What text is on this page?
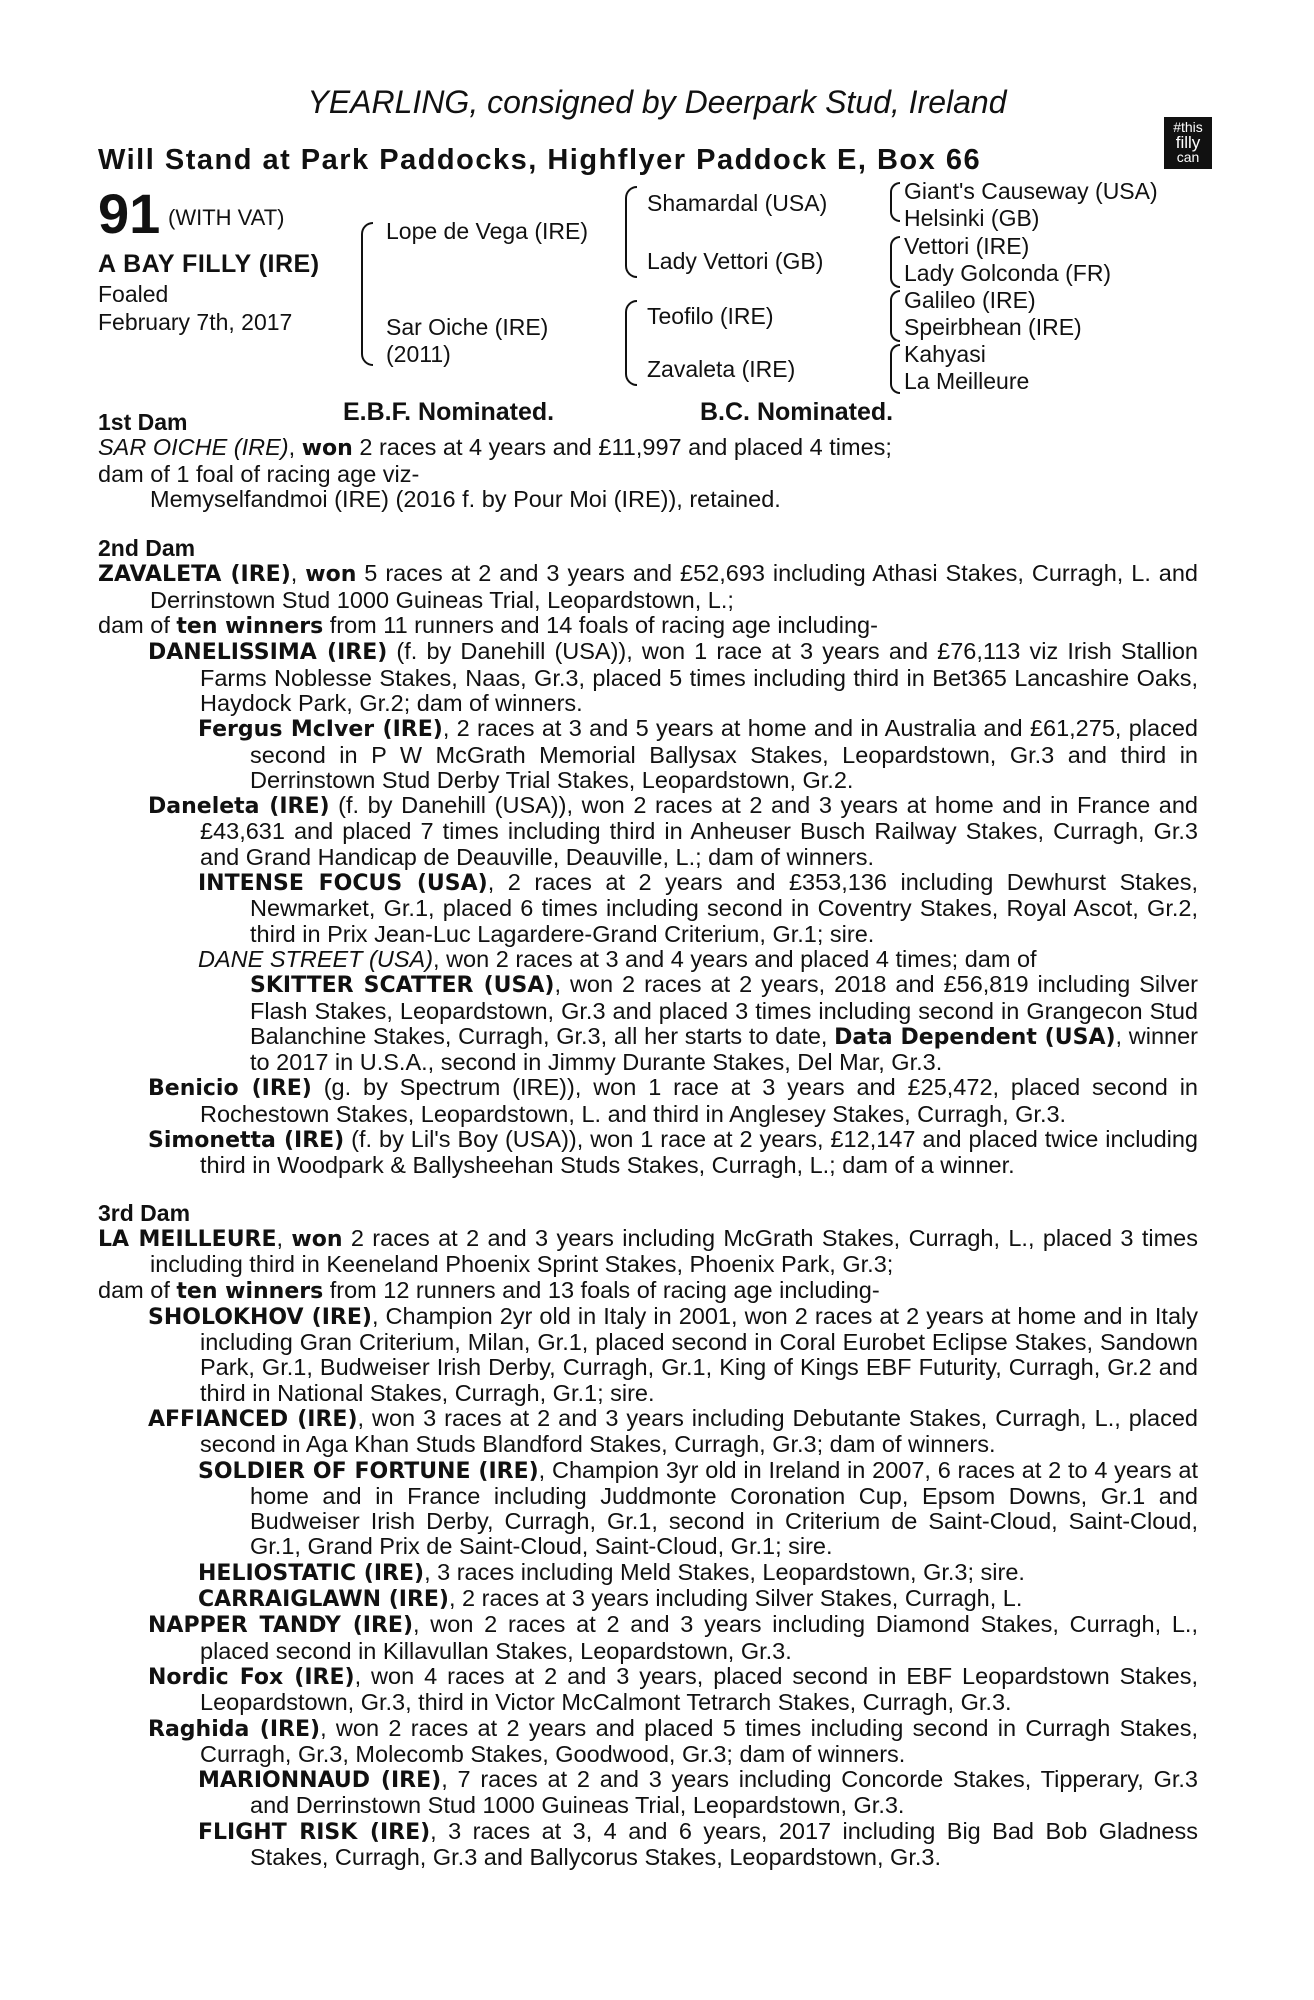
YEARLING, consigned by Deerpark Stud, Ireland
Will Stand at Park Paddocks, Highflyer Paddock E, Box 66
#this
filly
can
91 (WITH VAT)
A BAY FILLY (IRE)
Foaled
February 7th, 2017
Lope de Vega (IRE)
Sar Oiche (IRE)
(2011)
Shamardal (USA)
Lady Vettori (GB)
Teofilo (IRE)
Zavaleta (IRE)
Giant's Causeway (USA)
Helsinki (GB)
Vettori (IRE)
Lady Golconda (FR)
Galileo (IRE)
Speirbhean (IRE)
Kahyasi
La Meilleure
E.B.F. Nominated.	B.C. Nominated.

1st Dam

SAR OICHE (IRE), won 2 races at 4 years and £11,997 and placed 4 times;

dam of 1 foal of racing age viz-

Memyselfandmoi (IRE) (2016 f. by Pour Moi (IRE)), retained.

2nd Dam

ZAVALETA (IRE), won 5 races at 2 and 3 years and £52,693 including Athasi Stakes, Curragh, L. and Derrinstown Stud 1000 Guineas Trial, Leopardstown, L.;

dam of ten winners from 11 runners and 14 foals of racing age including-

DANELISSIMA (IRE) (f. by Danehill (USA)), won 1 race at 3 years and £76,113 viz Irish Stallion Farms Noblesse Stakes, Naas, Gr.3, placed 5 times including third in Bet365 Lancashire Oaks, Haydock Park, Gr.2; dam of winners.

Fergus McIver (IRE), 2 races at 3 and 5 years at home and in Australia and £61,275, placed second in P W McGrath Memorial Ballysax Stakes, Leopardstown, Gr.3 and third in Derrinstown Stud Derby Trial Stakes, Leopardstown, Gr.2.

Daneleta (IRE) (f. by Danehill (USA)), won 2 races at 2 and 3 years at home and in France and £43,631 and placed 7 times including third in Anheuser Busch Railway Stakes, Curragh, Gr.3 and Grand Handicap de Deauville, Deauville, L.; dam of winners.

INTENSE FOCUS (USA), 2 races at 2 years and £353,136 including Dewhurst Stakes, Newmarket, Gr.1, placed 6 times including second in Coventry Stakes, Royal Ascot, Gr.2, third in Prix Jean-Luc Lagardere-Grand Criterium, Gr.1; sire.

DANE STREET (USA), won 2 races at 3 and 4 years and placed 4 times; dam of

SKITTER SCATTER (USA), won 2 races at 2 years, 2018 and £56,819 including Silver Flash Stakes, Leopardstown, Gr.3 and placed 3 times including second in Grangecon Stud Balanchine Stakes, Curragh, Gr.3, all her starts to date, Data Dependent (USA), winner to 2017 in U.S.A., second in Jimmy Durante Stakes, Del Mar, Gr.3.

Benicio (IRE) (g. by Spectrum (IRE)), won 1 race at 3 years and £25,472, placed second in Rochestown Stakes, Leopardstown, L. and third in Anglesey Stakes, Curragh, Gr.3.

Simonetta (IRE) (f. by Lil's Boy (USA)), won 1 race at 2 years, £12,147 and placed twice including third in Woodpark & Ballysheehan Studs Stakes, Curragh, L.; dam of a winner.

3rd Dam

LA MEILLEURE, won 2 races at 2 and 3 years including McGrath Stakes, Curragh, L., placed 3 times including third in Keeneland Phoenix Sprint Stakes, Phoenix Park, Gr.3;

dam of ten winners from 12 runners and 13 foals of racing age including-

SHOLOKHOV (IRE), Champion 2yr old in Italy in 2001, won 2 races at 2 years at home and in Italy including Gran Criterium, Milan, Gr.1, placed second in Coral Eurobet Eclipse Stakes, Sandown Park, Gr.1, Budweiser Irish Derby, Curragh, Gr.1, King of Kings EBF Futurity, Curragh, Gr.2 and third in National Stakes, Curragh, Gr.1; sire.

AFFIANCED (IRE), won 3 races at 2 and 3 years including Debutante Stakes, Curragh, L., placed second in Aga Khan Studs Blandford Stakes, Curragh, Gr.3; dam of winners.

SOLDIER OF FORTUNE (IRE), Champion 3yr old in Ireland in 2007, 6 races at 2 to 4 years at home and in France including Juddmonte Coronation Cup, Epsom Downs, Gr.1 and Budweiser Irish Derby, Curragh, Gr.1, second in Criterium de Saint-Cloud, Saint-Cloud, Gr.1, Grand Prix de Saint-Cloud, Saint-Cloud, Gr.1; sire.

HELIOSTATIC (IRE), 3 races including Meld Stakes, Leopardstown, Gr.3; sire.

CARRAIGLAWN (IRE), 2 races at 3 years including Silver Stakes, Curragh, L.

NAPPER TANDY (IRE), won 2 races at 2 and 3 years including Diamond Stakes, Curragh, L., placed second in Killavullan Stakes, Leopardstown, Gr.3.

Nordic Fox (IRE), won 4 races at 2 and 3 years, placed second in EBF Leopardstown Stakes, Leopardstown, Gr.3, third in Victor McCalmont Tetrarch Stakes, Curragh, Gr.3.

Raghida (IRE), won 2 races at 2 years and placed 5 times including second in Curragh Stakes, Curragh, Gr.3, Molecomb Stakes, Goodwood, Gr.3; dam of winners.

MARIONNAUD (IRE), 7 races at 2 and 3 years including Concorde Stakes, Tipperary, Gr.3 and Derrinstown Stud 1000 Guineas Trial, Leopardstown, Gr.3.

FLIGHT RISK (IRE), 3 races at 3, 4 and 6 years, 2017 including Big Bad Bob Gladness Stakes, Curragh, Gr.3 and Ballycorus Stakes, Leopardstown, Gr.3.
